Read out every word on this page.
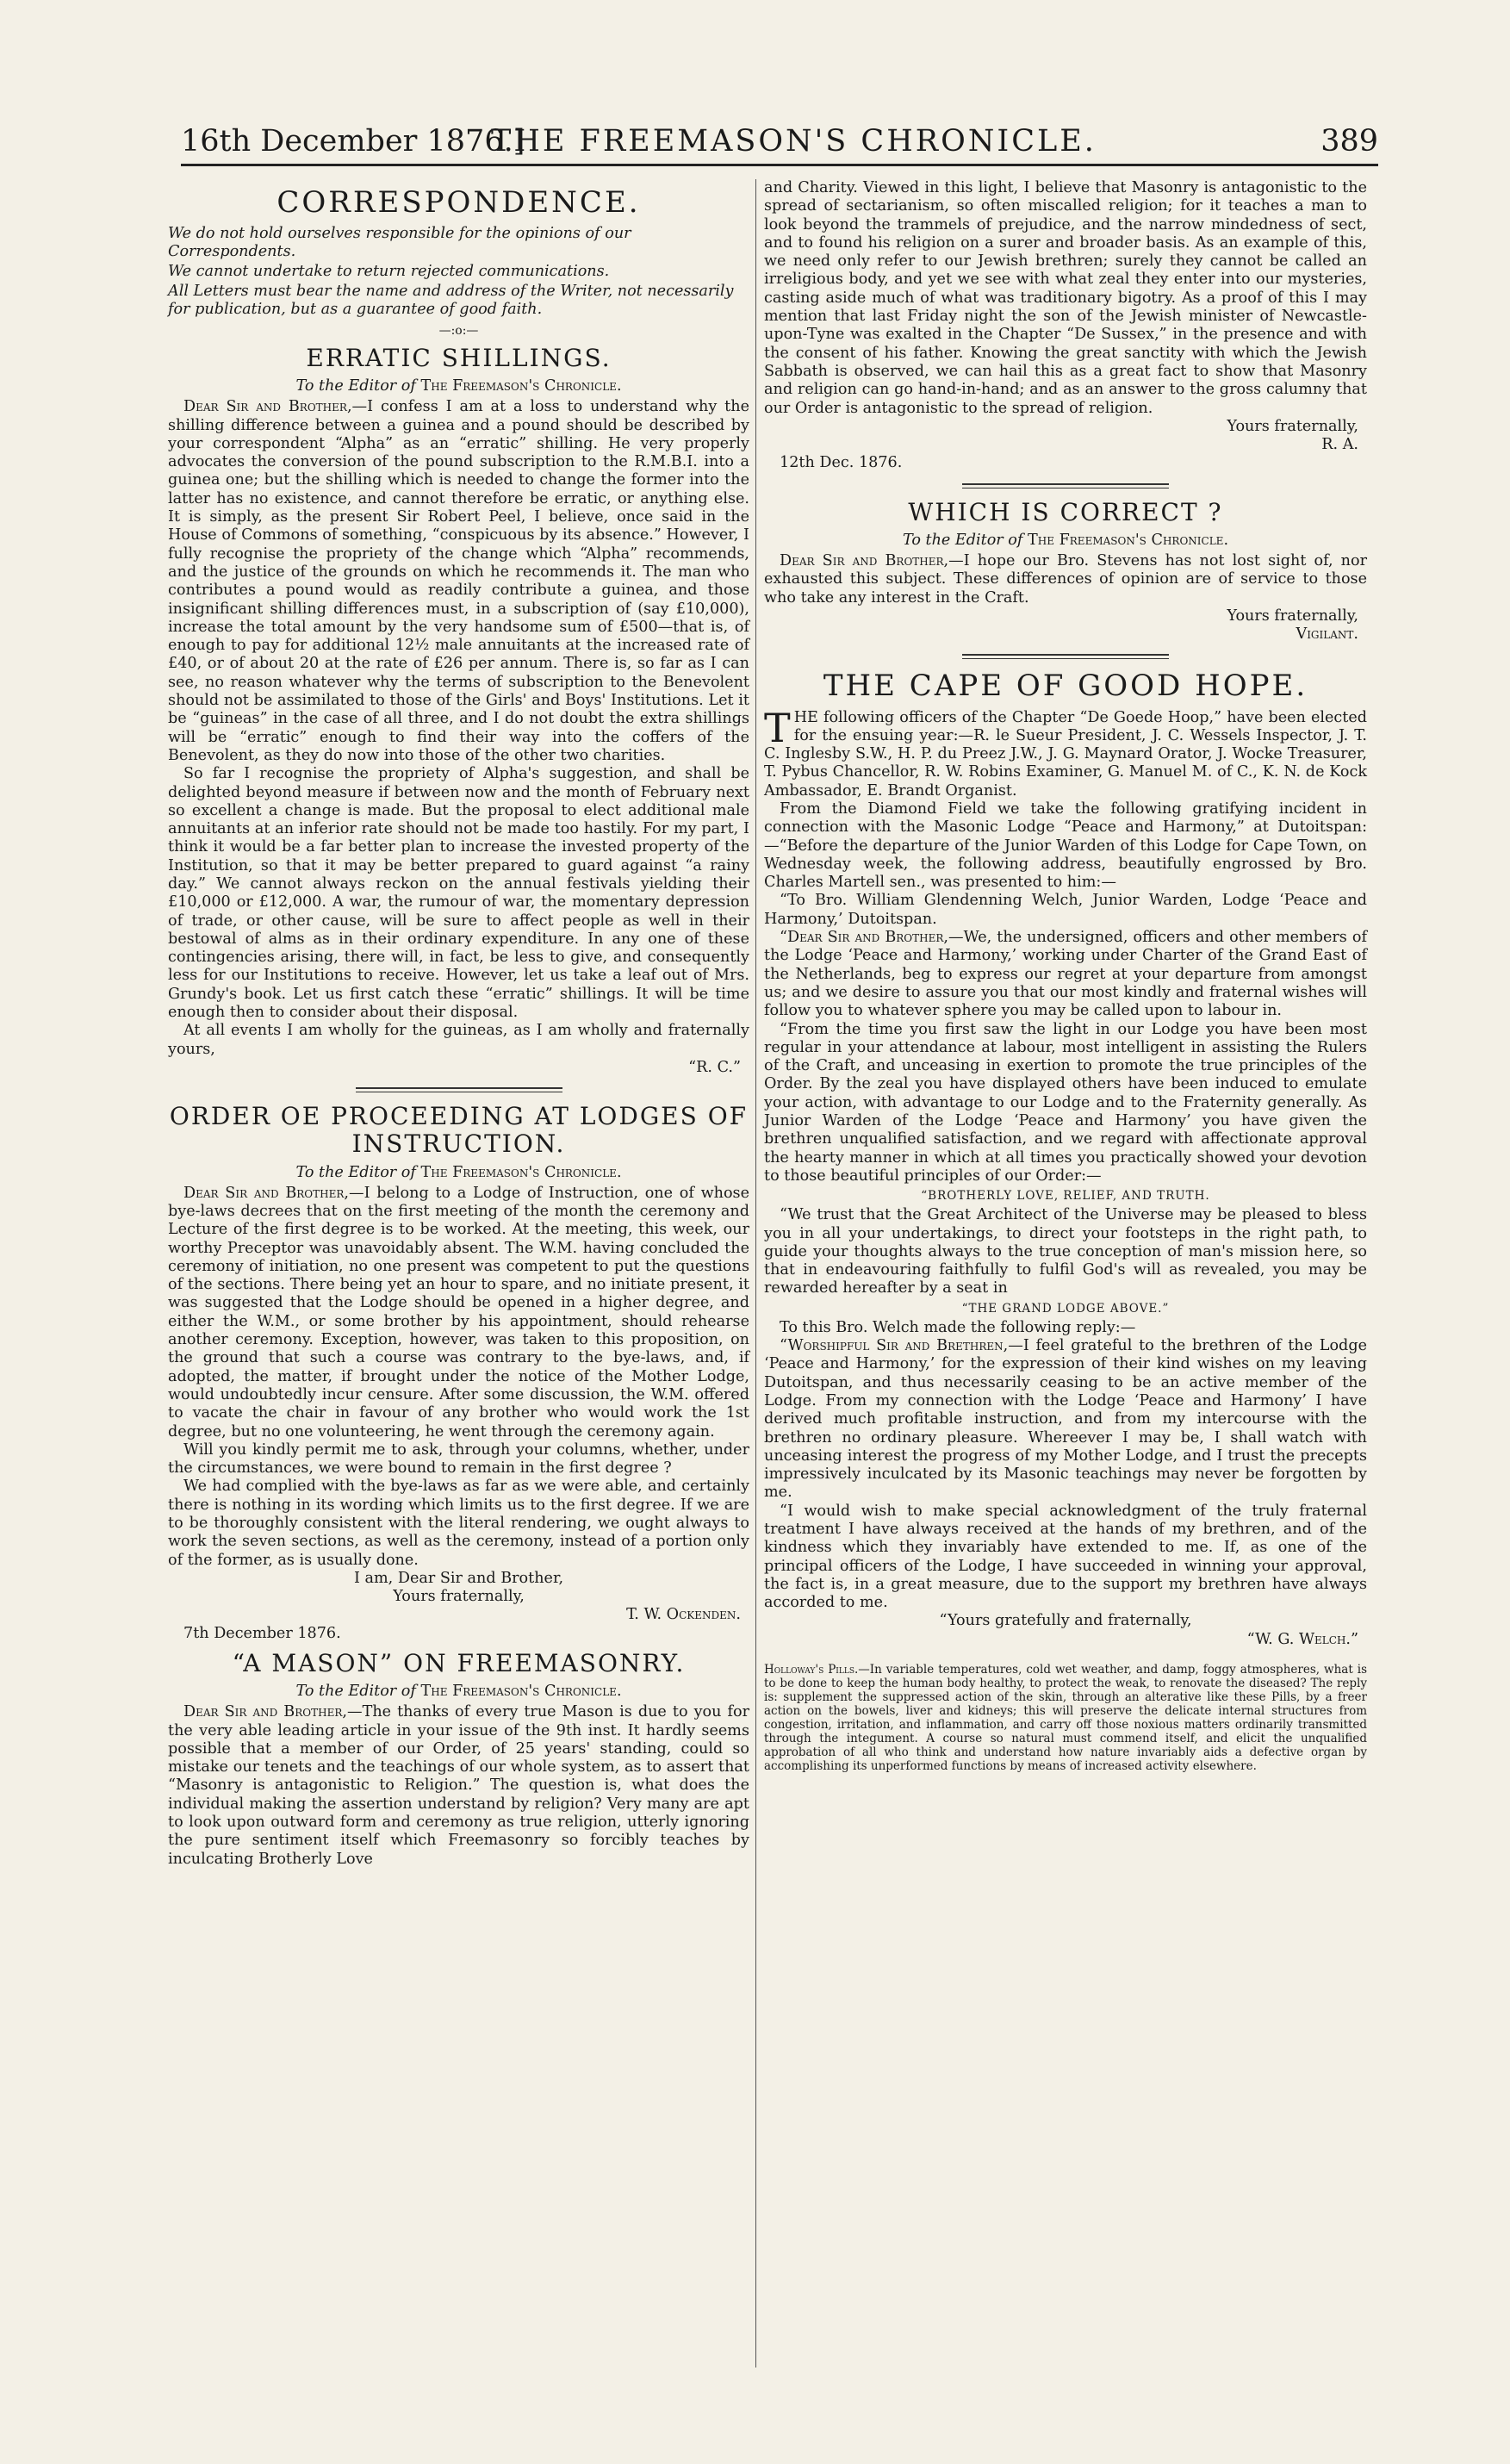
16th December 1876.]
THE FREEMASON'S CHRONICLE.	389
CORRESPONDENCE.
We do not hold ourselves responsible for the opinions of our Correspondents.
We cannot undertake to return rejected communications.
All Letters must bear the name and address of the Writer, not necessarily for publication, but as a guarantee of good faith.
—:o:—
ERRATIC SHILLINGS.
To the Editor of The Freemason's Chronicle.

Dear Sir and Brother,—I confess I am at a loss to understand why the shilling difference between a guinea and a pound should be described by your correspondent “Alpha” as an “erratic” shilling. He very properly advocates the conversion of the pound subscription to the R.M.B.I. into a guinea one; but the shilling which is needed to change the former into the latter has no existence, and cannot therefore be erratic, or anything else. It is simply, as the present Sir Robert Peel, I believe, once said in the House of Commons of something, “conspicuous by its absence.” However, I fully recognise the propriety of the change which “Alpha” recommends, and the justice of the grounds on which he recommends it. The man who contributes a pound would as readily contribute a guinea, and those insignificant shilling differences must, in a subscription of (say £10,000), increase the total amount by the very handsome sum of £500—that is, of enough to pay for additional 12½ male annuitants at the increased rate of £40, or of about 20 at the rate of £26 per annum. There is, so far as I can see, no reason whatever why the terms of subscription to the Benevolent should not be assimilated to those of the Girls' and Boys' Institutions. Let it be “guineas” in the case of all three, and I do not doubt the extra shillings will be “erratic” enough to find their way into the coffers of the Benevolent, as they do now into those of the other two charities.

So far I recognise the propriety of Alpha's suggestion, and shall be delighted beyond measure if between now and the month of February next so excellent a change is made. But the proposal to elect additional male annuitants at an inferior rate should not be made too hastily. For my part, I think it would be a far better plan to increase the invested property of the Institution, so that it may be better prepared to guard against “a rainy day.” We cannot always reckon on the annual festivals yielding their £10,000 or £12,000. A war, the rumour of war, the momentary depression of trade, or other cause, will be sure to affect people as well in their bestowal of alms as in their ordinary expenditure. In any one of these contingencies arising, there will, in fact, be less to give, and consequently less for our Institutions to receive. However, let us take a leaf out of Mrs. Grundy's book. Let us first catch these “erratic” shillings. It will be time enough then to consider about their disposal.

At all events I am wholly for the guineas, as I am wholly and fraternally yours,

“R. C.”

ORDER OE PROCEEDING AT LODGES OF INSTRUCTION.
To the Editor of The Freemason's Chronicle.

Dear Sir and Brother,—I belong to a Lodge of Instruction, one of whose bye-laws decrees that on the first meeting of the month the ceremony and Lecture of the first degree is to be worked. At the meeting, this week, our worthy Preceptor was unavoidably absent. The W.M. having concluded the ceremony of initiation, no one present was competent to put the questions of the sections. There being yet an hour to spare, and no initiate present, it was suggested that the Lodge should be opened in a higher degree, and either the W.M., or some brother by his appointment, should rehearse another ceremony. Exception, however, was taken to this proposition, on the ground that such a course was contrary to the bye-laws, and, if adopted, the matter, if brought under the notice of the Mother Lodge, would undoubtedly incur censure. After some discussion, the W.M. offered to vacate the chair in favour of any brother who would work the 1st degree, but no one volunteering, he went through the ceremony again.

Will you kindly permit me to ask, through your columns, whether, under the circumstances, we were bound to remain in the first degree ?

We had complied with the bye-laws as far as we were able, and certainly there is nothing in its wording which limits us to the first degree. If we are to be thoroughly consistent with the literal rendering, we ought always to work the seven sections, as well as the ceremony, instead of a portion only of the former, as is usually done.

I am, Dear Sir and Brother,

Yours fraternally,

T. W. Ockenden.

7th December 1876.

“A MASON” ON FREEMASONRY.
To the Editor of The Freemason's Chronicle.

Dear Sir and Brother,—The thanks of every true Mason is due to you for the very able leading article in your issue of the 9th inst. It hardly seems possible that a member of our Order, of 25 years' standing, could so mistake our tenets and the teachings of our whole system, as to assert that “Masonry is antagonistic to Religion.” The question is, what does the individual making the assertion understand by religion? Very many are apt to look upon outward form and ceremony as true religion, utterly ignoring the pure sentiment itself which Freemasonry so forcibly teaches by inculcating Brotherly Love

and Charity. Viewed in this light, I believe that Masonry is antagonistic to the spread of sectarianism, so often miscalled religion; for it teaches a man to look beyond the trammels of prejudice, and the narrow mindedness of sect, and to found his religion on a surer and broader basis. As an example of this, we need only refer to our Jewish brethren; surely they cannot be called an irreligious body, and yet we see with what zeal they enter into our mysteries, casting aside much of what was traditionary bigotry. As a proof of this I may mention that last Friday night the son of the Jewish minister of Newcastle-upon-Tyne was exalted in the Chapter “De Sussex,” in the presence and with the consent of his father. Knowing the great sanctity with which the Jewish Sabbath is observed, we can hail this as a great fact to show that Masonry and religion can go hand-in-hand; and as an answer to the gross calumny that our Order is antagonistic to the spread of religion.

Yours fraternally,

R. A.

12th Dec. 1876.

WHICH IS CORRECT ?
To the Editor of The Freemason's Chronicle.

Dear Sir and Brother,—I hope our Bro. Stevens has not lost sight of, nor exhausted this subject. These differences of opinion are of service to those who take any interest in the Craft.

Yours fraternally,

Vigilant.

THE CAPE OF GOOD HOPE.

THE following officers of the Chapter “De Goede Hoop,” have been elected for the ensuing year:—R. le Sueur President, J. C. Wessels Inspector, J. T. C. Inglesby S.W., H. P. du Preez J.W., J. G. Maynard Orator, J. Wocke Treasurer, T. Pybus Chancellor, R. W. Robins Examiner, G. Manuel M. of C., K. N. de Kock Ambassador, E. Brandt Organist.

From the Diamond Field we take the following gratifying incident in connection with the Masonic Lodge “Peace and Harmony,” at Dutoitspan:—“Before the departure of the Junior Warden of this Lodge for Cape Town, on Wednesday week, the following address, beautifully engrossed by Bro. Charles Martell sen., was presented to him:—

“To Bro. William Glendenning Welch, Junior Warden, Lodge ‘Peace and Harmony,’ Dutoitspan.

“Dear Sir and Brother,—We, the undersigned, officers and other members of the Lodge ‘Peace and Harmony,’ working under Charter of the Grand East of the Netherlands, beg to express our regret at your departure from amongst us; and we desire to assure you that our most kindly and fraternal wishes will follow you to whatever sphere you may be called upon to labour in.

“From the time you first saw the light in our Lodge you have been most regular in your attendance at labour, most intelligent in assisting the Rulers of the Craft, and unceasing in exertion to promote the true principles of the Order. By the zeal you have displayed others have been induced to emulate your action, with advantage to our Lodge and to the Fraternity generally. As Junior Warden of the Lodge ‘Peace and Harmony’ you have given the brethren unqualified satisfaction, and we regard with affectionate approval the hearty manner in which at all times you practically showed your devotion to those beautiful principles of our Order:—

“BROTHERLY LOVE, RELIEF, AND TRUTH.

“We trust that the Great Architect of the Universe may be pleased to bless you in all your undertakings, to direct your footsteps in the right path, to guide your thoughts always to the true conception of man's mission here, so that in endeavouring faithfully to fulfil God's will as revealed, you may be rewarded hereafter by a seat in

“THE GRAND LODGE ABOVE.”

To this Bro. Welch made the following reply:—

“Worshipful Sir and Brethren,—I feel grateful to the brethren of the Lodge ‘Peace and Harmony,’ for the expression of their kind wishes on my leaving Dutoitspan, and thus necessarily ceasing to be an active member of the Lodge. From my connection with the Lodge ‘Peace and Harmony’ I have derived much profitable instruction, and from my intercourse with the brethren no ordinary pleasure. Whereever I may be, I shall watch with unceasing interest the progress of my Mother Lodge, and I trust the precepts impressively inculcated by its Masonic teachings may never be forgotten by me.

“I would wish to make special acknowledgment of the truly fraternal treatment I have always received at the hands of my brethren, and of the kindness which they invariably have extended to me. If, as one of the principal officers of the Lodge, I have succeeded in winning your approval, the fact is, in a great measure, due to the support my brethren have always accorded to me.

“Yours gratefully and fraternally,

“W. G. Welch.”

Holloway's Pills.—In variable temperatures, cold wet weather, and damp, foggy atmospheres, what is to be done to keep the human body healthy, to protect the weak, to renovate the diseased? The reply is: supplement the suppressed action of the skin, through an alterative like these Pills, by a freer action on the bowels, liver and kidneys; this will preserve the delicate internal structures from congestion, irritation, and inflammation, and carry off those noxious matters ordinarily transmitted through the integument. A course so natural must commend itself, and elicit the unqualified approbation of all who think and understand how nature invariably aids a defective organ by accomplishing its unperformed functions by means of increased activity elsewhere.
